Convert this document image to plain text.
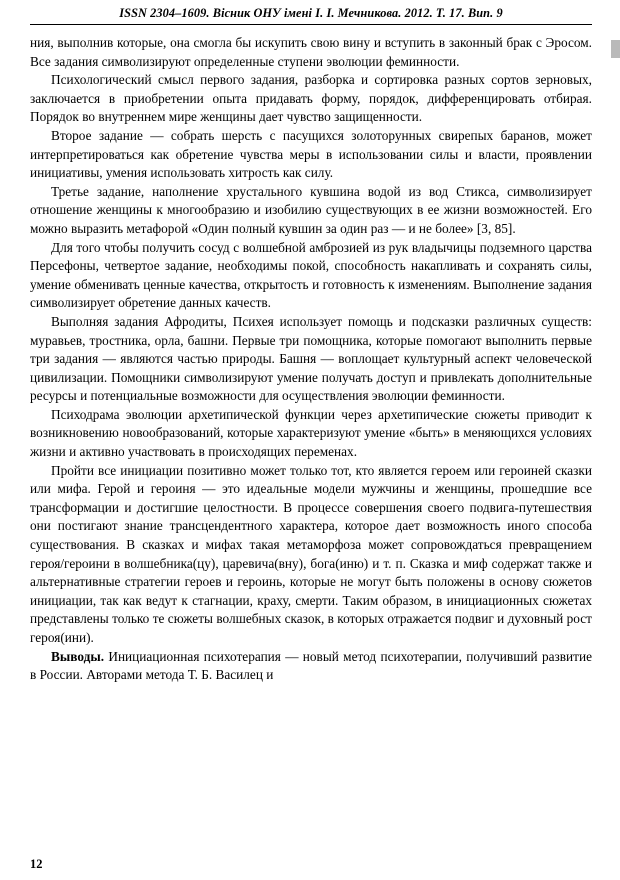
ISSN 2304–1609. Вісник ОНУ імені І. І. Мечникова. 2012. Т. 17. Вип. 9

ния, выполнив которые, она смогла бы искупить свою вину и вступить в законный брак с Эросом. Все задания символизируют определенные ступени эволюции феминности.

Психологический смысл первого задания, разборка и сортировка разных сортов зерновых, заключается в приобретении опыта придавать форму, порядок, дифференцировать отбирая. Порядок во внутреннем мире женщины дает чувство защищенности.

Второе задание — собрать шерсть с пасущихся золоторунных свирепых баранов, может интерпретироваться как обретение чувства меры в использовании силы и власти, проявлении инициативы, умения использовать хитрость как силу.

Третье задание, наполнение хрустального кувшина водой из вод Стикса, символизирует отношение женщины к многообразию и изобилию существующих в ее жизни возможностей. Его можно выразить метафорой «Один полный кувшин за один раз — и не более» [3, 85].

Для того чтобы получить сосуд с волшебной амброзией из рук владычицы подземного царства Персефоны, четвертое задание, необходимы покой, способность накапливать и сохранять силы, умение обменивать ценные качества, открытость и готовность к изменениям. Выполнение задания символизирует обретение данных качеств.

Выполняя задания Афродиты, Психея использует помощь и подсказки различных существ: муравьев, тростника, орла, башни. Первые три помощника, которые помогают выполнить первые три задания — являются частью природы. Башня — воплощает культурный аспект человеческой цивилизации. Помощники символизируют умение получать доступ и привлекать дополнительные ресурсы и потенциальные возможности для осуществления эволюции феминности.

Психодрама эволюции архетипической функции через архетипические сюжеты приводит к возникновению новообразований, которые характеризуют умение «быть» в меняющихся условиях жизни и активно участвовать в происходящих переменах.

Пройти все инициации позитивно может только тот, кто является героем или героиней сказки или мифа. Герой и героиня — это идеальные модели мужчины и женщины, прошедшие все трансформации и достигшие целостности. В процессе совершения своего подвига-путешествия они постигают знание трансцендентного характера, которое дает возможность иного способа существования. В сказках и мифах такая метаморфоза может сопровождаться превращением героя/героини в волшебника(цу), царевича(вну), бога(иню) и т. п. Сказка и миф содержат также и альтернативные стратегии героев и героинь, которые не могут быть положены в основу сюжетов инициации, так как ведут к стагнации, краху, смерти. Таким образом, в инициационных сюжетах представлены только те сюжеты волшебных сказок, в которых отражается подвиг и духовный рост героя(ини).

Выводы. Инициационная психотерапия — новый метод психотерапии, получивший развитие в России. Авторами метода Т. Б. Василец и

12
